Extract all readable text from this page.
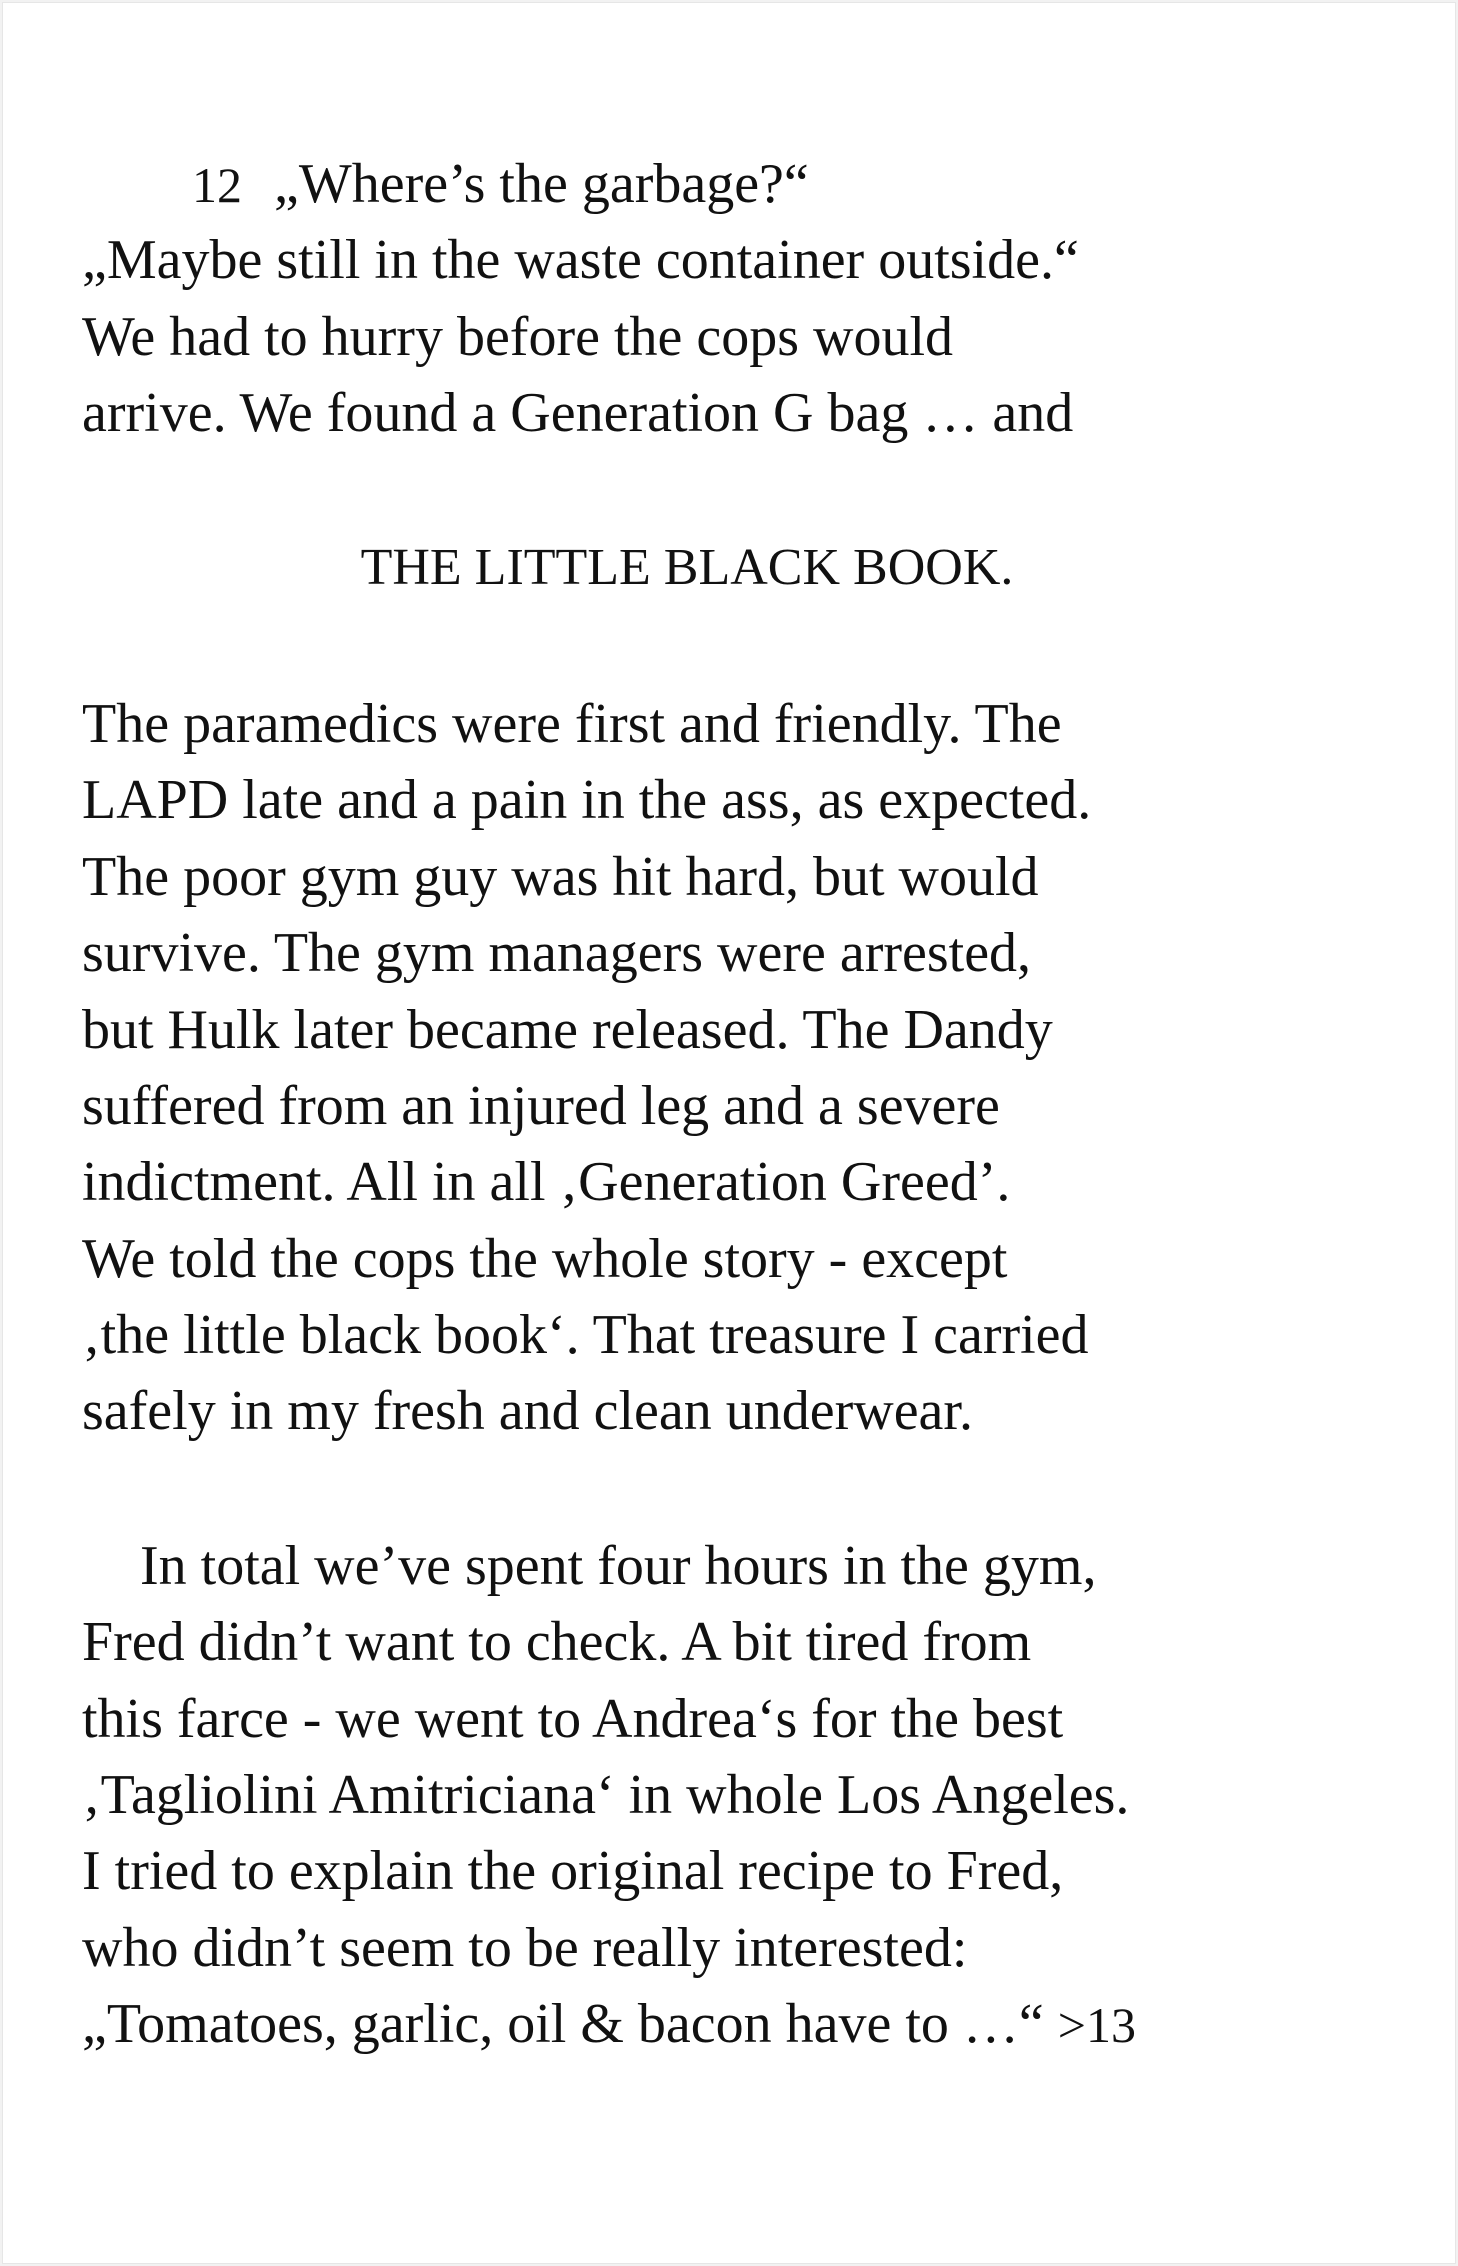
12 „Where’s the garbage?“
„Maybe still in the waste container outside.“
We had to hurry before the cops would
arrive. We found a Generation G bag … and
THE LITTLE BLACK BOOK.
The paramedics were first and friendly. The
LAPD late and a pain in the ass, as expected.
The poor gym guy was hit hard, but would
survive. The gym managers were arrested,
but Hulk later became released. The Dandy
suffered from an injured leg and a severe
indictment. All in all ‚Generation Greed’.
We told the cops the whole story - except
‚the little black book‘. That treasure I carried
safely in my fresh and clean underwear.
In total we’ve spent four hours in the gym,
Fred didn’t want to check. A bit tired from
this farce - we went to Andrea‘s for the best
‚Tagliolini Amitriciana‘ in whole Los Angeles.
I tried to explain the original recipe to Fred,
who didn’t seem to be really interested:
„Tomatoes, garlic, oil & bacon have to …“ >13
